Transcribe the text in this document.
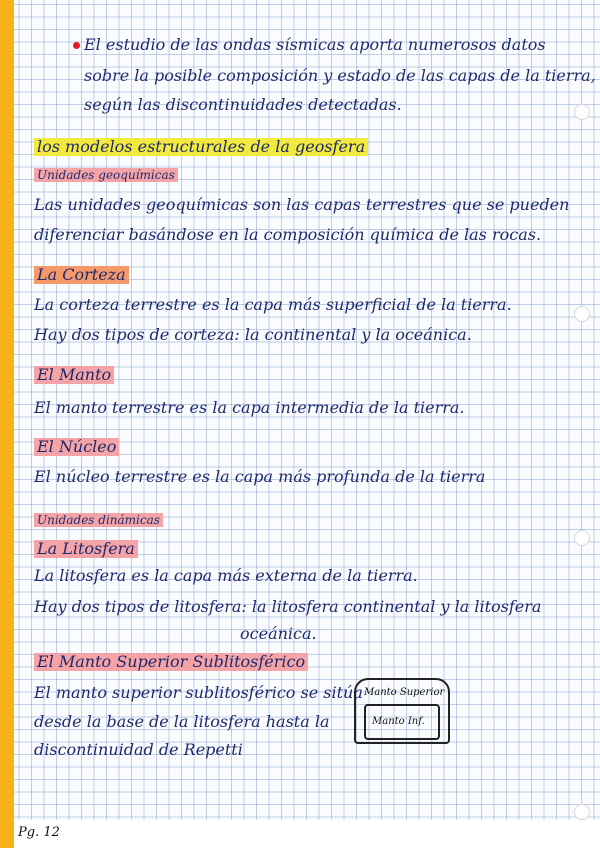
El estudio de las ondas sísmicas aporta numerosos datos

sobre la posible composición y estado de las capas de la tierra,

según las discontinuidades detectadas.

los modelos estructurales de la geosfera

Unidades geoquímicas

Las unidades geoquímicas son las capas terrestres que se pueden

diferenciar basándose en la composición química de las rocas.

La Corteza

La corteza terrestre es la capa más superficial de la tierra.

Hay dos tipos de corteza: la continental y la oceánica.

El Manto

El manto terrestre es la capa intermedia de la tierra.

El Núcleo

El núcleo terrestre es la capa más profunda de la tierra

Unidades dinámicas

La Litosfera

La litosfera es la capa más externa de la tierra.

Hay dos tipos de litosfera: la litosfera continental y la litosfera

oceánica.

El Manto Superior Sublitosférico

El manto superior sublitosférico se sitúa

desde la base de la litosfera hasta la

discontinuidad de Repetti

Manto Superior

Manto Inf.

Pg. 12
